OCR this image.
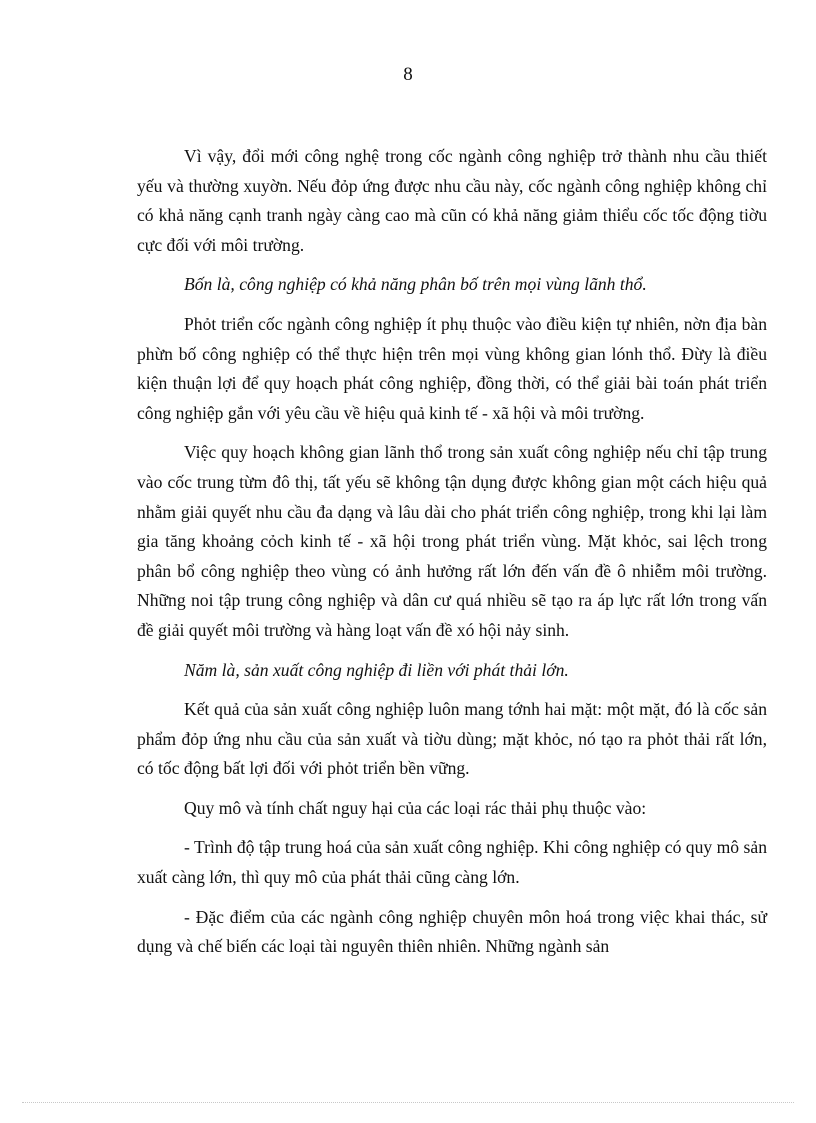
8

Vì vậy, đổi mới công nghệ trong cốc ngành công nghiệp trở thành nhu cầu thiết yếu và thường xuyờn. Nếu đỏp ứng được nhu cầu này, cốc ngành công nghiệp không chỉ có khả năng cạnh tranh ngày càng cao mà cũn có khả năng giảm thiểu cốc tốc động tiờu cực đối với môi trường.

Bốn là, công nghiệp có khả năng phân bố trên mọi vùng lãnh thổ.

Phỏt triển cốc ngành công nghiệp ít phụ thuộc vào điều kiện tự nhiên, nờn địa bàn phừn bố công nghiệp có thể thực hiện trên mọi vùng không gian lónh thổ. Đừy là điều kiện thuận lợi để quy hoạch phát công nghiệp, đồng thời, có thể giải bài toán phát triển công nghiệp gắn với yêu cầu về hiệu quả kinh tế - xã hội và môi trường.

Việc quy hoạch không gian lãnh thổ trong sản xuất công nghiệp nếu chỉ tập trung vào cốc trung từm đô thị, tất yếu sẽ không tận dụng được không gian một cách hiệu quả nhằm giải quyết nhu cầu đa dạng và lâu dài cho phát triển công nghiệp, trong khi lại làm gia tăng khoảng cỏch kinh tế - xã hội trong phát triển vùng. Mặt khỏc, sai lệch trong phân bổ công nghiệp theo vùng có ảnh hưởng rất lớn đến vấn đề ô nhiễm môi trường. Những noi tập trung công nghiệp và dân cư quá nhiều sẽ tạo ra áp lực rất lớn trong vấn đề giải quyết môi trường và hàng loạt vấn đề xó hội nảy sinh.

Năm là, sản xuất công nghiệp đi liền với phát thải lớn.

Kết quả của sản xuất công nghiệp luôn mang tớnh hai mặt: một mặt, đó là cốc sản phẩm đỏp ứng nhu cầu của sản xuất và tiờu dùng; mặt khỏc, nó tạo ra phỏt thải rất lớn, có tốc động bất lợi đối với phỏt triển bền vững.

Quy mô và tính chất nguy hại của các loại rác thải phụ thuộc vào:

- Trình độ tập trung hoá của sản xuất công nghiệp. Khi công nghiệp có quy mô sản xuất càng lớn, thì quy mô của phát thải cũng càng lớn.

- Đặc điểm của các ngành công nghiệp chuyên môn hoá trong việc khai thác, sử dụng và chế biến các loại tài nguyên thiên nhiên. Những ngành sản
